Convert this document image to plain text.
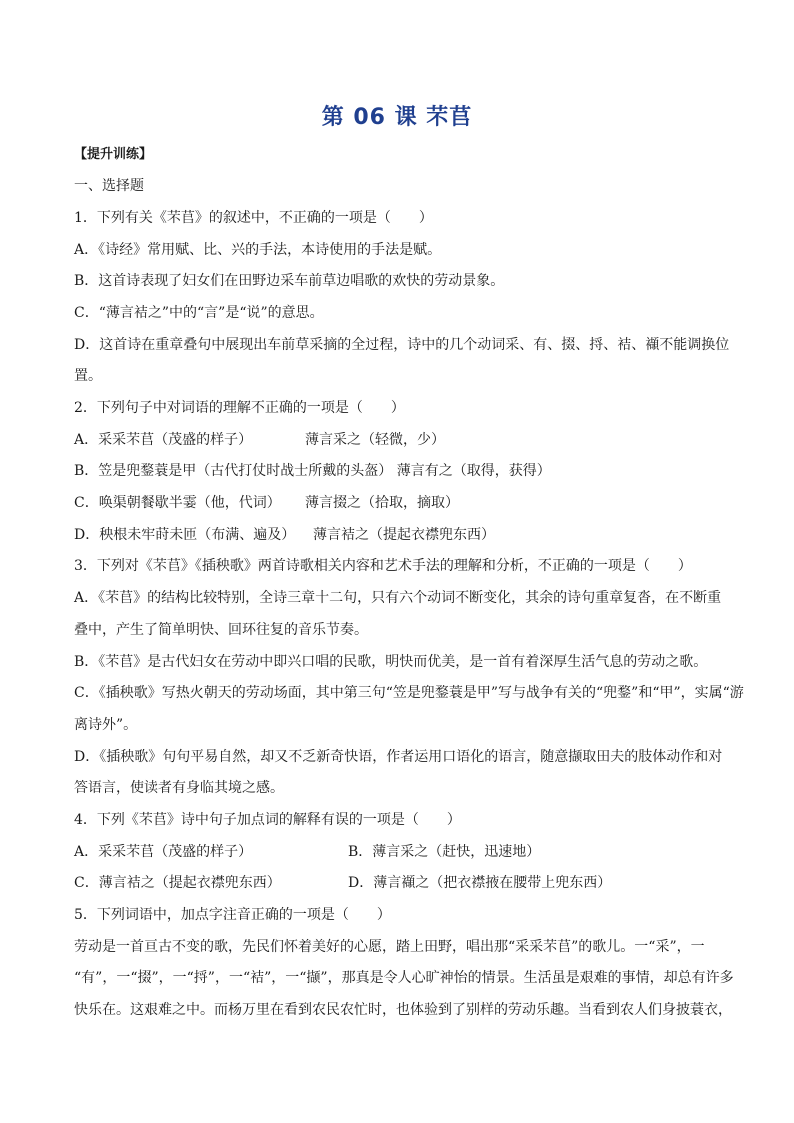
第 06 课 芣苢
【提升训练】
一、选择题
1．下列有关《芣苢》的叙述中，不正确的一项是（　　）
A．《诗经》常用赋、比、兴的手法，本诗使用的手法是赋。
B．这首诗表现了妇女们在田野边采车前草边唱歌的欢快的劳动景象。
C．“薄言袺之”中的“言”是“说”的意思。
D．这首诗在重章叠句中展现出车前草采摘的全过程，诗中的几个动词采、有、掇、捋、袺、襭不能调换位
置。
2．下列句子中对词语的理解不正确的一项是（　　）
A．采采芣苢（茂盛的样子）	薄言采之（轻微，少）
B．笠是兜鍪蓑是甲（古代打仗时战士所戴的头盔） 薄言有之（取得，获得）
C．唤渠朝餐歇半霎（他，代词） 薄言掇之（拾取，摘取）
D．秧根未牢莳未匝（布满、遍及） 薄言袺之（提起衣襟兜东西）
3．下列对《芣苢》《插秧歌》两首诗歌相关内容和艺术手法的理解和分析，不正确的一项是（　　）
A．《芣苢》的结构比较特别，全诗三章十二句，只有六个动词不断变化，其余的诗句重章复沓，在不断重
叠中，产生了简单明快、回环往复的音乐节奏。
B．《芣苢》是古代妇女在劳动中即兴口唱的民歌，明快而优美，是一首有着深厚生活气息的劳动之歌。
C．《插秧歌》写热火朝天的劳动场面，其中第三句“笠是兜鍪蓑是甲”写与战争有关的“兜鍪”和“甲”，实属“游
离诗外”。
D．《插秧歌》句句平易自然，却又不乏新奇快语，作者运用口语化的语言，随意撷取田夫的肢体动作和对
答语言，使读者有身临其境之感。
4．下列《芣苢》诗中句子加点词的解释有误的一项是（　　）
A．采采芣苢（茂盛的样子）	B．薄言采之（赶快，迅速地）
C．薄言袺之（提起衣襟兜东西）	D．薄言襭之（把衣襟掖在腰带上兜东西）
5．下列词语中，加点字注音正确的一项是（　　）
劳动是一首亘古不变的歌，先民们怀着美好的心愿，踏上田野，唱出那“采采芣苢”的歌儿。一“采”，一
“有”，一“掇”，一“捋”，一“袺”，一“撷”，那真是令人心旷神怡的情景。生活虽是艰难的事情，却总有许多
快乐在。这艰难之中。而杨万里在看到农民农忙时，也体验到了别样的劳动乐趣。当看到农人们身披蓑衣，
